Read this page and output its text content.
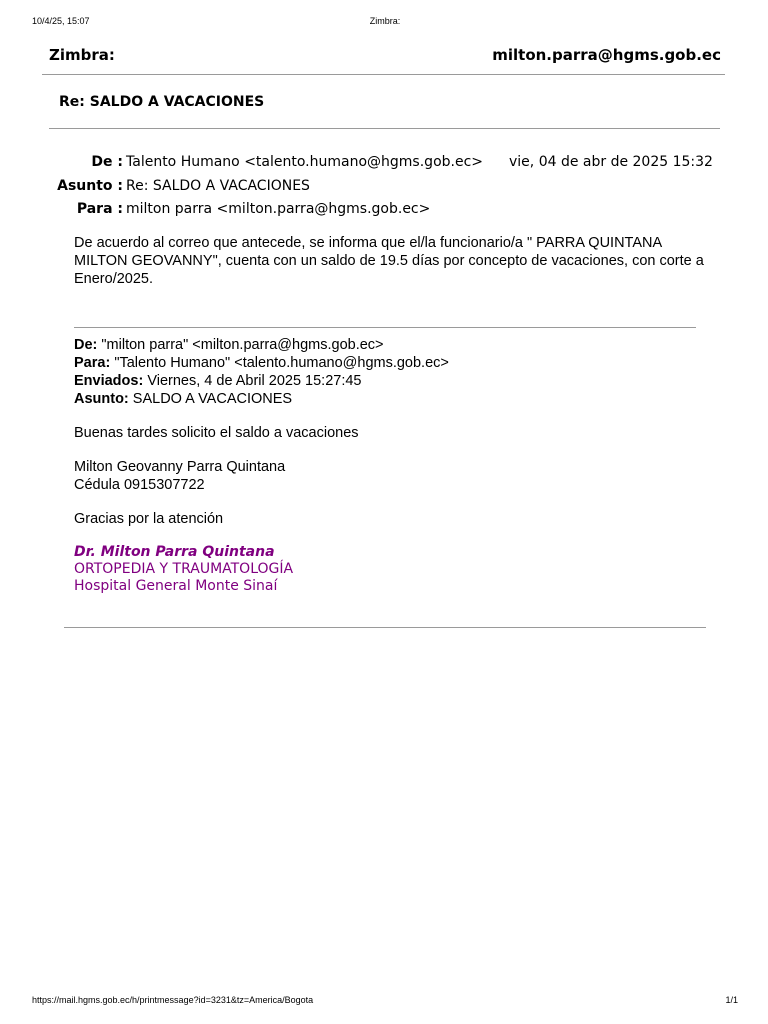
10/4/25, 15:07	Zimbra:
Zimbra:	milton.parra@hgms.gob.ec
Re: SALDO A VACACIONES
De : Talento Humano <talento.humano@hgms.gob.ec> vie, 04 de abr de 2025 15:32
Asunto : Re: SALDO A VACACIONES
Para : milton parra <milton.parra@hgms.gob.ec>
De acuerdo al correo que antecede, se informa que el/la funcionario/a " PARRA QUINTANA MILTON GEOVANNY", cuenta con un saldo de 19.5 días por concepto de vacaciones, con corte a Enero/2025.
De: "milton parra" <milton.parra@hgms.gob.ec>
Para: "Talento Humano" <talento.humano@hgms.gob.ec>
Enviados: Viernes, 4 de Abril 2025 15:27:45
Asunto: SALDO A VACACIONES
Buenas tardes solicito el saldo a vacaciones
Milton Geovanny Parra Quintana
Cédula 0915307722
Gracias por la atención
Dr. Milton Parra Quintana
ORTOPEDIA Y TRAUMATOLOGÍA
Hospital General Monte Sinaí
https://mail.hgms.gob.ec/h/printmessage?id=3231&tz=America/Bogota	1/1
